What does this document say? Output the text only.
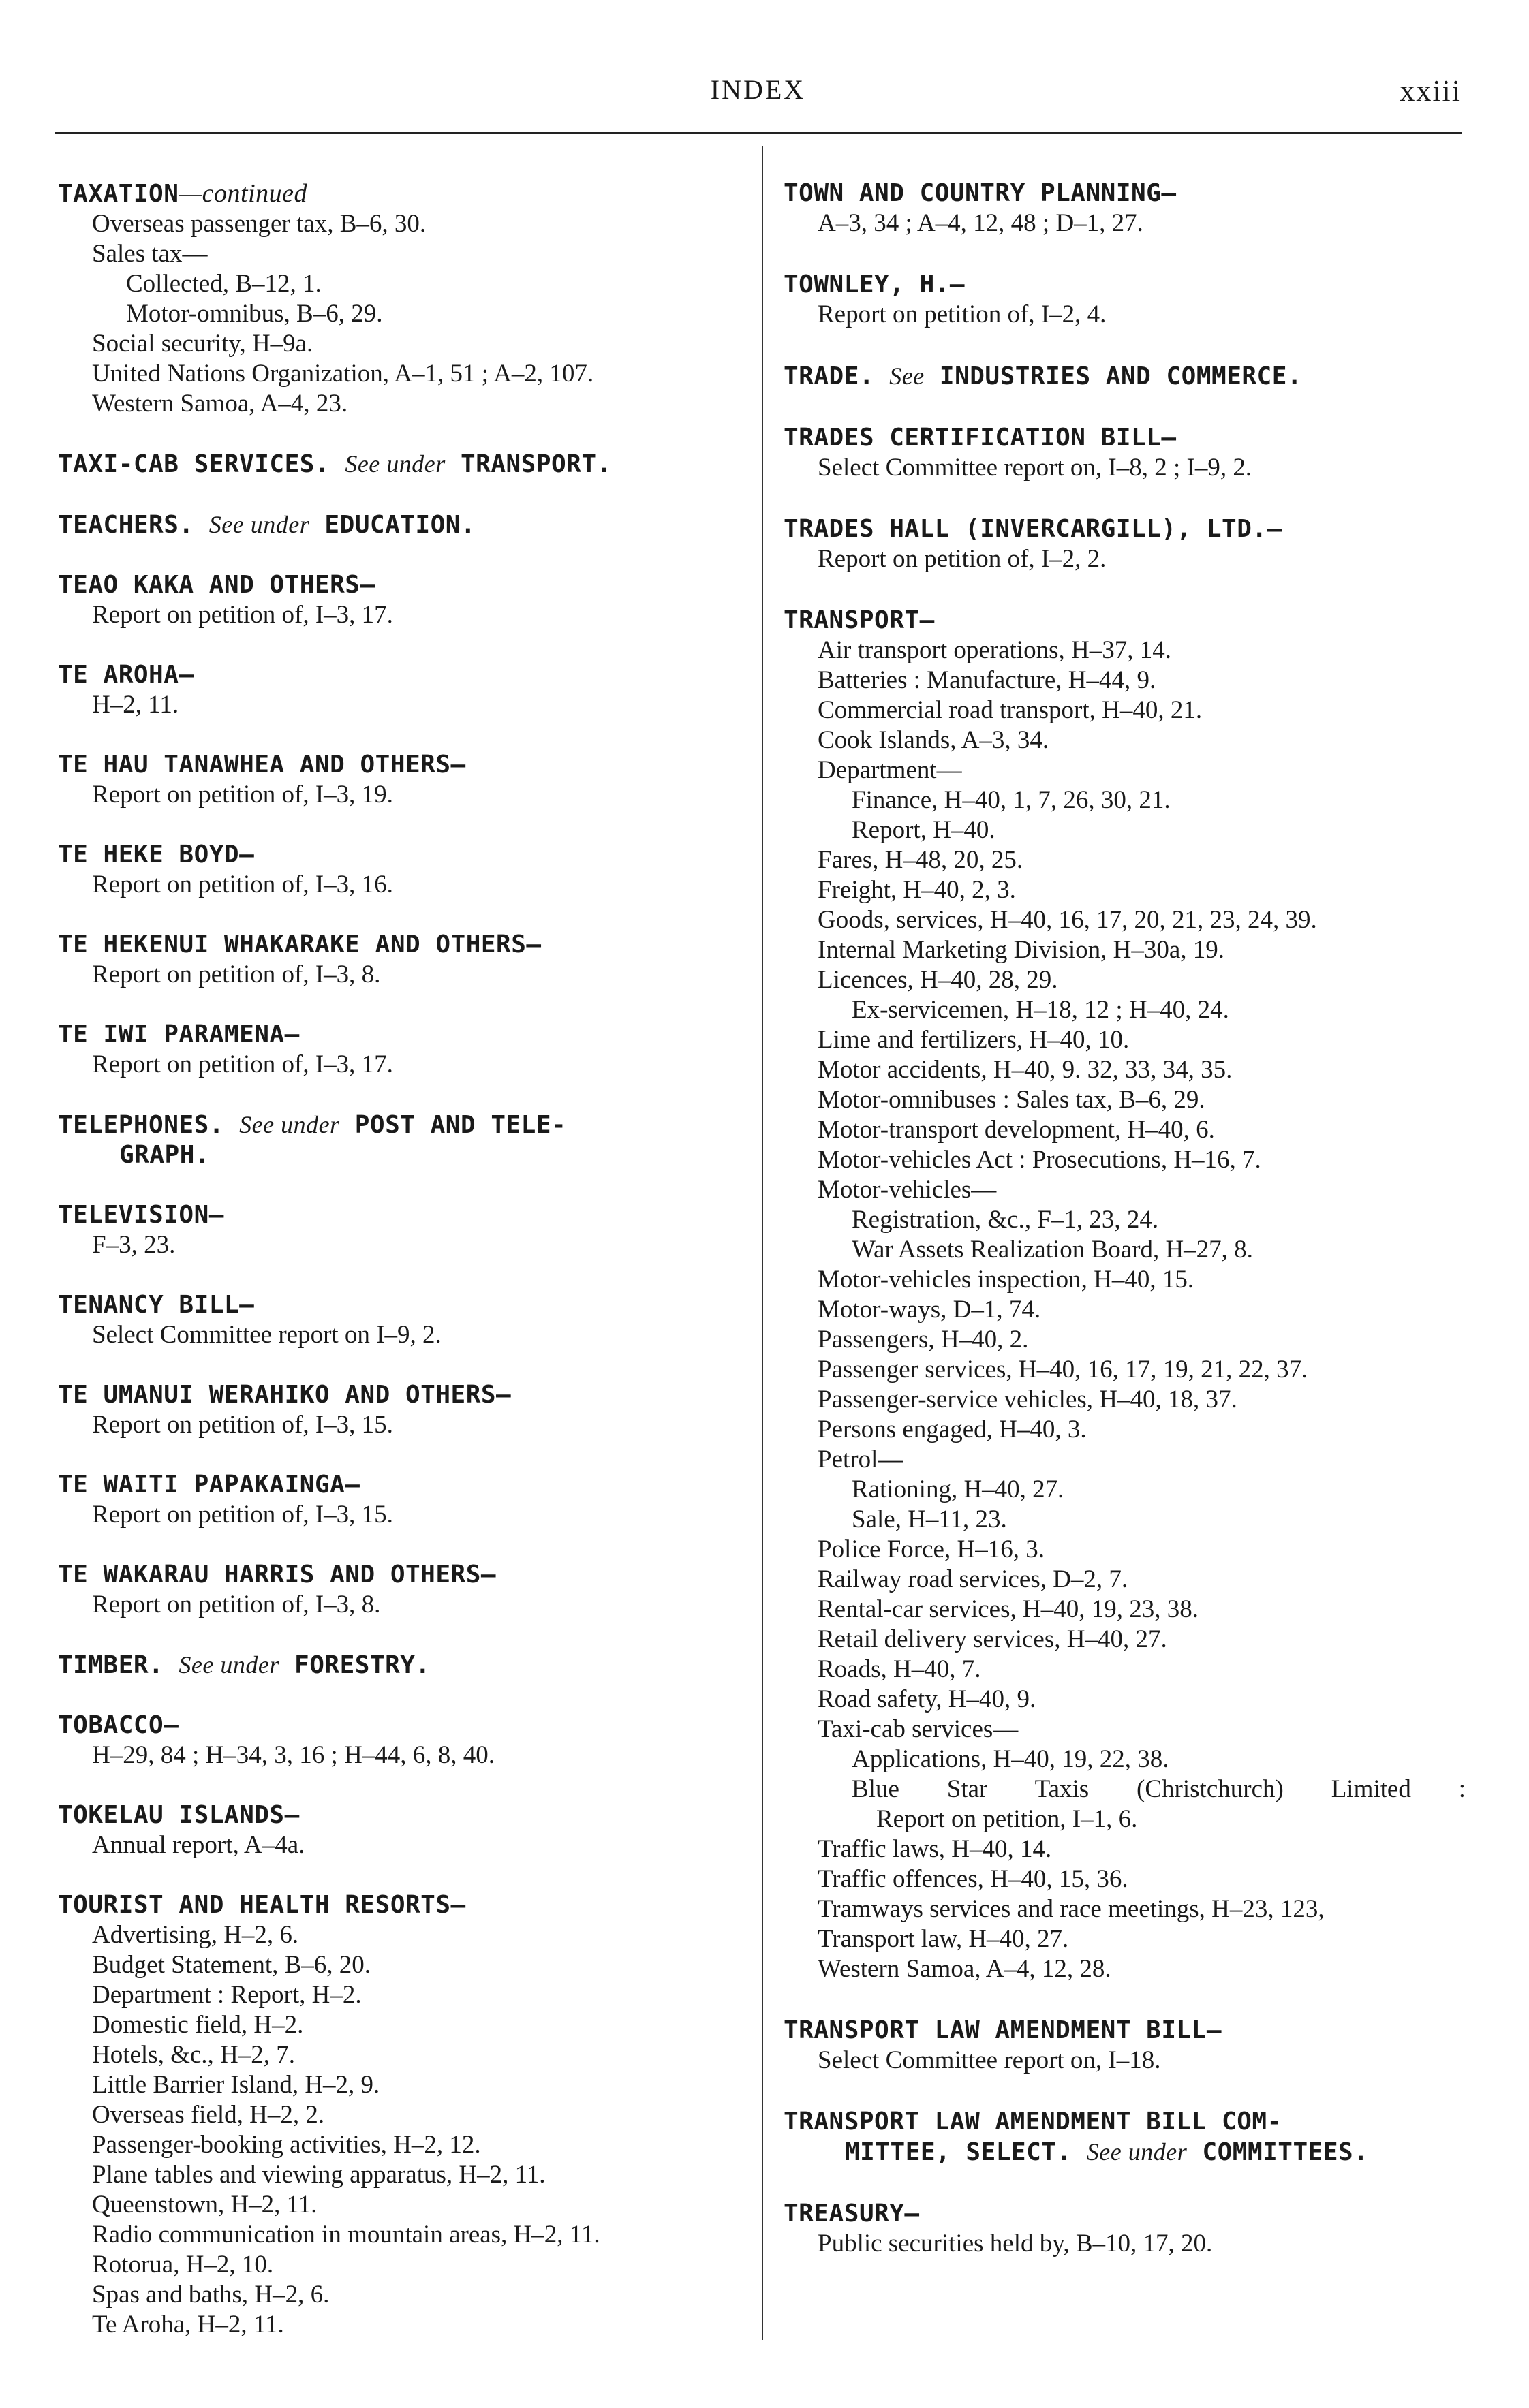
INDEX	xxiii
TAXATION—continued
Overseas passenger tax, B–6, 30.
Sales tax—
Collected, B–12, 1.
Motor-omnibus, B–6, 29.
Social security, H–9a.
United Nations Organization, A–1, 51 ; A–2, 107.
Western Samoa, A–4, 23.
TAXI-CAB SERVICES. See under TRANSPORT.
TEACHERS. See under EDUCATION.
TEAO KAKA AND OTHERS—
Report on petition of, I–3, 17.
TE AROHA—
H–2, 11.
TE HAU TANAWHEA AND OTHERS—
Report on petition of, I–3, 19.
TE HEKE BOYD—
Report on petition of, I–3, 16.
TE HEKENUI WHAKARAKE AND OTHERS—
Report on petition of, I–3, 8.
TE IWI PARAMENA—
Report on petition of, I–3, 17.
TELEPHONES. See under POST AND TELE-
GRAPH.
TELEVISION—
F–3, 23.
TENANCY BILL—
Select Committee report on I–9, 2.
TE UMANUI WERAHIKO AND OTHERS—
Report on petition of, I–3, 15.
TE WAITI PAPAKAINGA—
Report on petition of, I–3, 15.
TE WAKARAU HARRIS AND OTHERS—
Report on petition of, I–3, 8.
TIMBER. See under FORESTRY.
TOBACCO—
H–29, 84 ; H–34, 3, 16 ; H–44, 6, 8, 40.
TOKELAU ISLANDS—
Annual report, A–4a.
TOURIST AND HEALTH RESORTS—
Advertising, H–2, 6.
Budget Statement, B–6, 20.
Department : Report, H–2.
Domestic field, H–2.
Hotels, &c., H–2, 7.
Little Barrier Island, H–2, 9.
Overseas field, H–2, 2.
Passenger-booking activities, H–2, 12.
Plane tables and viewing apparatus, H–2, 11.
Queenstown, H–2, 11.
Radio communication in mountain areas, H–2, 11.
Rotorua, H–2, 10.
Spas and baths, H–2, 6.
Te Aroha, H–2, 11.
TOWN AND COUNTRY PLANNING—
A–3, 34 ; A–4, 12, 48 ; D–1, 27.
TOWNLEY, H.—
Report on petition of, I–2, 4.
TRADE. See INDUSTRIES AND COMMERCE.
TRADES CERTIFICATION BILL—
Select Committee report on, I–8, 2 ; I–9, 2.
TRADES HALL (INVERCARGILL), LTD.—
Report on petition of, I–2, 2.
TRANSPORT—
Air transport operations, H–37, 14.
Batteries : Manufacture, H–44, 9.
Commercial road transport, H–40, 21.
Cook Islands, A–3, 34.
Department—
Finance, H–40, 1, 7, 26, 30, 21.
Report, H–40.
Fares, H–48, 20, 25.
Freight, H–40, 2, 3.
Goods, services, H–40, 16, 17, 20, 21, 23, 24, 39.
Internal Marketing Division, H–30a, 19.
Licences, H–40, 28, 29.
Ex-servicemen, H–18, 12 ; H–40, 24.
Lime and fertilizers, H–40, 10.
Motor accidents, H–40, 9. 32, 33, 34, 35.
Motor-omnibuses : Sales tax, B–6, 29.
Motor-transport development, H–40, 6.
Motor-vehicles Act : Prosecutions, H–16, 7.
Motor-vehicles—
Registration, &c., F–1, 23, 24.
War Assets Realization Board, H–27, 8.
Motor-vehicles inspection, H–40, 15.
Motor-ways, D–1, 74.
Passengers, H–40, 2.
Passenger services, H–40, 16, 17, 19, 21, 22, 37.
Passenger-service vehicles, H–40, 18, 37.
Persons engaged, H–40, 3.
Petrol—
Rationing, H–40, 27.
Sale, H–11, 23.
Police Force, H–16, 3.
Railway road services, D–2, 7.
Rental-car services, H–40, 19, 23, 38.
Retail delivery services, H–40, 27.
Roads, H–40, 7.
Road safety, H–40, 9.
Taxi-cab services—
Applications, H–40, 19, 22, 38.
Blue Star Taxis (Christchurch) Limited :
Report on petition, I–1, 6.
Traffic laws, H–40, 14.
Traffic offences, H–40, 15, 36.
Tramways services and race meetings, H–23, 123,
Transport law, H–40, 27.
Western Samoa, A–4, 12, 28.
TRANSPORT LAW AMENDMENT BILL—
Select Committee report on, I–18.
TRANSPORT LAW AMENDMENT BILL COM-
MITTEE, SELECT. See under COMMITTEES.
TREASURY—
Public securities held by, B–10, 17, 20.
